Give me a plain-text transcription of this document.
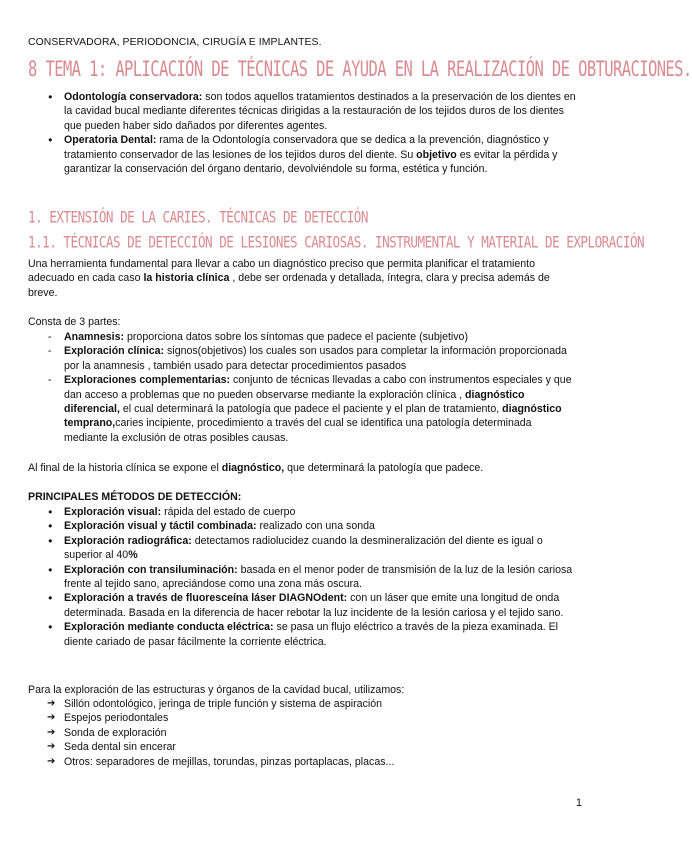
CONSERVADORA, PERIODONCIA, CIRUGÍA E IMPLANTES.
8 TEMA 1: APLICACIÓN DE TÉCNICAS DE AYUDA EN LA REALIZACIÓN DE OBTURACIONES.
● Odontología conservadora: son todos aquellos tratamientos destinados a la preservación de los dientes en la cavidad bucal mediante diferentes técnicas dirigidas a la restauración de los tejidos duros de los dientes que pueden haber sido dañados por diferentes agentes.
● Operatoria Dental: rama de la Odontología conservadora que se dedica a la prevención, diagnóstico y tratamiento conservador de las lesiones de los tejidos duros del diente. Su objetivo es evitar la pérdida y garantizar la conservación del órgano dentario, devolviéndole su forma, estética y función.
1. EXTENSIÓN DE LA CARIES. TÉCNICAS DE DETECCIÓN
1.1. TÉCNICAS DE DETECCIÓN DE LESIONES CARIOSAS. INSTRUMENTAL Y MATERIAL DE EXPLORACIÓN
Una herramienta fundamental para llevar a cabo un diagnóstico preciso que permita planificar el tratamiento adecuado en cada caso la historia clínica , debe ser ordenada y detallada, íntegra, clara y precisa además de breve.
Consta de 3 partes:
- Anamnesis: proporciona datos sobre los síntomas que padece el paciente (subjetivo)
- Exploración clínica: signos(objetivos) los cuales son usados para completar la información proporcionada por la anamnesis , también usado para detectar procedimientos pasados
- Exploraciones complementarias: conjunto de técnicas llevadas a cabo con instrumentos especiales y que dan acceso a problemas que no pueden observarse mediante la exploración clínica , diagnóstico diferencial, el cual determinará la patología que padece el paciente y el plan de tratamiento, diagnóstico temprano,caries incipiente, procedimiento a través del cual se identifica una patología determinada mediante la exclusión de otras posibles causas.
Al final de la historia clínica se expone el diagnóstico, que determinará la patología que padece.
PRINCIPALES MÉTODOS DE DETECCIÓN:
● Exploración visual: rápida del estado de cuerpo
● Exploración visual y táctil combinada: realizado con una sonda
● Exploración radiográfica: detectamos radiolucidez cuando la desmineralización del diente es igual o superior al 40%
● Exploración con transiluminación: basada en el menor poder de transmisión de la luz de la lesión cariosa frente al tejido sano, apreciándose como una zona más oscura.
● Exploración a través de fluoresceína láser DIAGNOdent: con un láser que emite una longitud de onda determinada. Basada en la diferencia de hacer rebotar la luz incidente de la lesión cariosa y el tejido sano.
● Exploración mediante conducta eléctrica: se pasa un flujo eléctrico a través de la pieza examinada. El diente cariado de pasar fácilmente la corriente eléctrica.
Para la exploración de las estructuras y órganos de la cavidad bucal, utilizamos:
➔ Sillón odontológico, jeringa de triple función y sistema de aspiración
➔ Espejos periodontales
➔ Sonda de exploración
➔ Seda dental sin encerar
➔ Otros: separadores de mejillas, torundas, pinzas portaplacas, placas...
1
